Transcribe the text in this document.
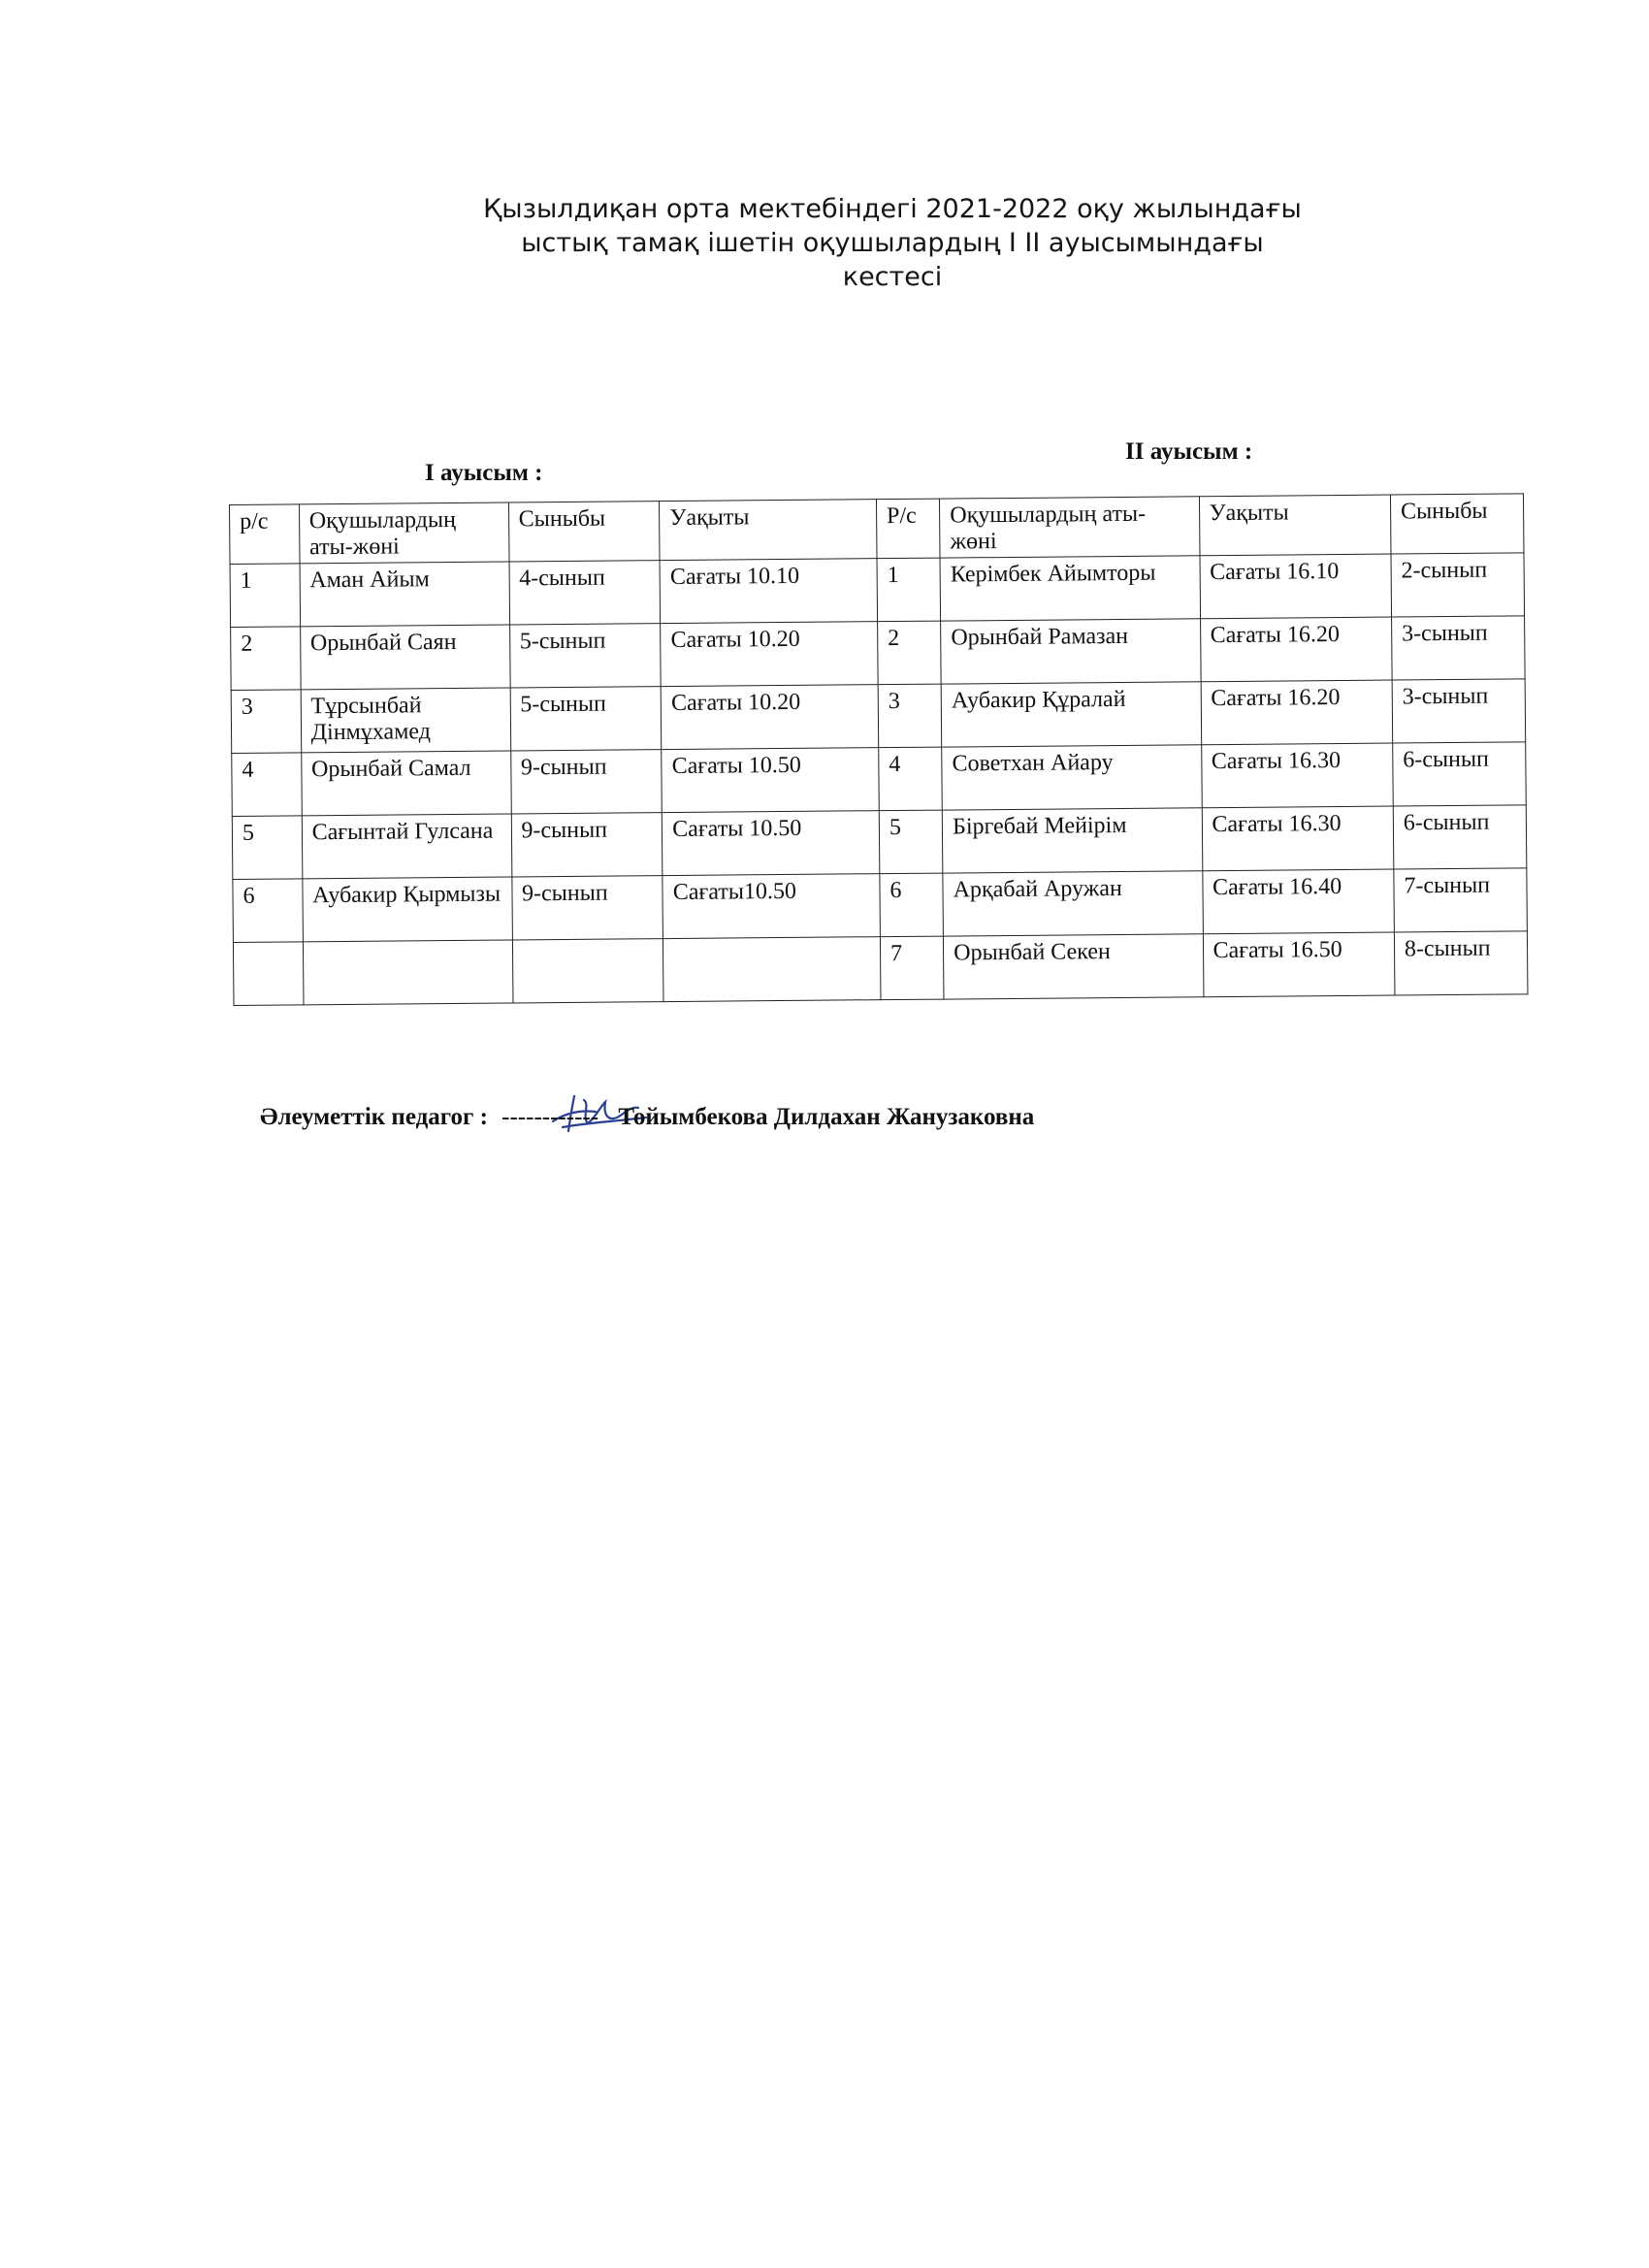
Қызылдиқан орта мектебіндегі 2021-2022 оқу жылындағы
ыстық тамақ ішетін оқушылардың I II ауысымындағы
кестесі
I ауысым :
II ауысым :
р/с	Оқушылардың аты-жөні	Сыныбы	Уақыты	Р/с	Оқушылардың аты-жөні	Уақыты	Сыныбы
1	Аман Айым	4-сынып	Сағаты 10.10	1	Керімбек Айымторы	Сағаты 16.10	2-сынып
2	Орынбай Саян	5-сынып	Сағаты 10.20	2	Орынбай Рамазан	Сағаты 16.20	3-сынып
3	Тұрсынбай Дінмұхамед	5-сынып	Сағаты 10.20	3	Аубакир Құралай	Сағаты 16.20	3-сынып
4	Орынбай Самал	9-сынып	Сағаты 10.50	4	Советхан Айару	Сағаты 16.30	6-сынып
5	Сағынтай Гулсана	9-сынып	Сағаты 10.50	5	Біргебай Мейірім	Сағаты 16.30	6-сынып
6	Аубакир Қырмызы	9-сынып	Сағаты10.50	6	Арқабай Аружан	Сағаты 16.40	7-сынып
				7	Орынбай Секен	Сағаты 16.50	8-сынып
Әлеуметтік педагог : ------------ Тойымбекова Дилдахан Жанузаковна
